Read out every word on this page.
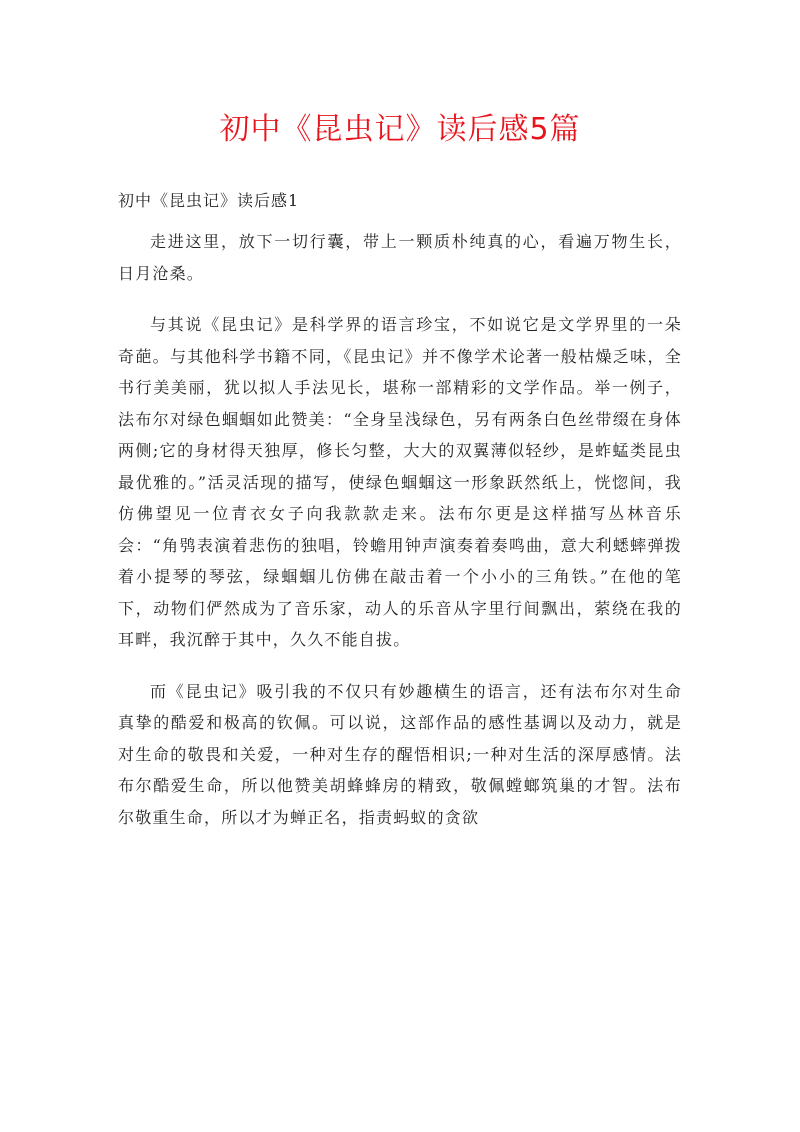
初中《昆虫记》读后感5篇
初中《昆虫记》读后感1

走进这里，放下一切行囊，带上一颗质朴纯真的心，看遍万物生长，日月沧桑。

与其说《昆虫记》是科学界的语言珍宝，不如说它是文学界里的一朵奇葩。与其他科学书籍不同，《昆虫记》并不像学术论著一般枯燥乏味，全书行美美丽，犹以拟人手法见长，堪称一部精彩的文学作品。举一例子，法布尔对绿色蝈蝈如此赞美：“全身呈浅绿色，另有两条白色丝带缀在身体两侧;它的身材得天独厚，修长匀整，大大的双翼薄似轻纱，是蚱蜢类昆虫最优雅的。”活灵活现的描写，使绿色蝈蝈这一形象跃然纸上，恍惚间，我仿佛望见一位青衣女子向我款款走来。法布尔更是这样描写丛林音乐会：“角鸮表演着悲伤的独唱，铃蟾用钟声演奏着奏鸣曲，意大利蟋蟀弹拨着小提琴的琴弦，绿蝈蝈儿仿佛在敲击着一个小小的三角铁。”在他的笔下，动物们俨然成为了音乐家，动人的乐音从字里行间飘出，萦绕在我的耳畔，我沉醉于其中，久久不能自拔。

而《昆虫记》吸引我的不仅只有妙趣横生的语言，还有法布尔对生命真挚的酷爱和极高的钦佩。可以说，这部作品的感性基调以及动力，就是对生命的敬畏和关爱，一种对生存的醒悟相识;一种对生活的深厚感情。法布尔酷爱生命，所以他赞美胡蜂蜂房的精致，敬佩螳螂筑巢的才智。法布尔敬重生命，所以才为蝉正名，指责蚂蚁的贪欲
